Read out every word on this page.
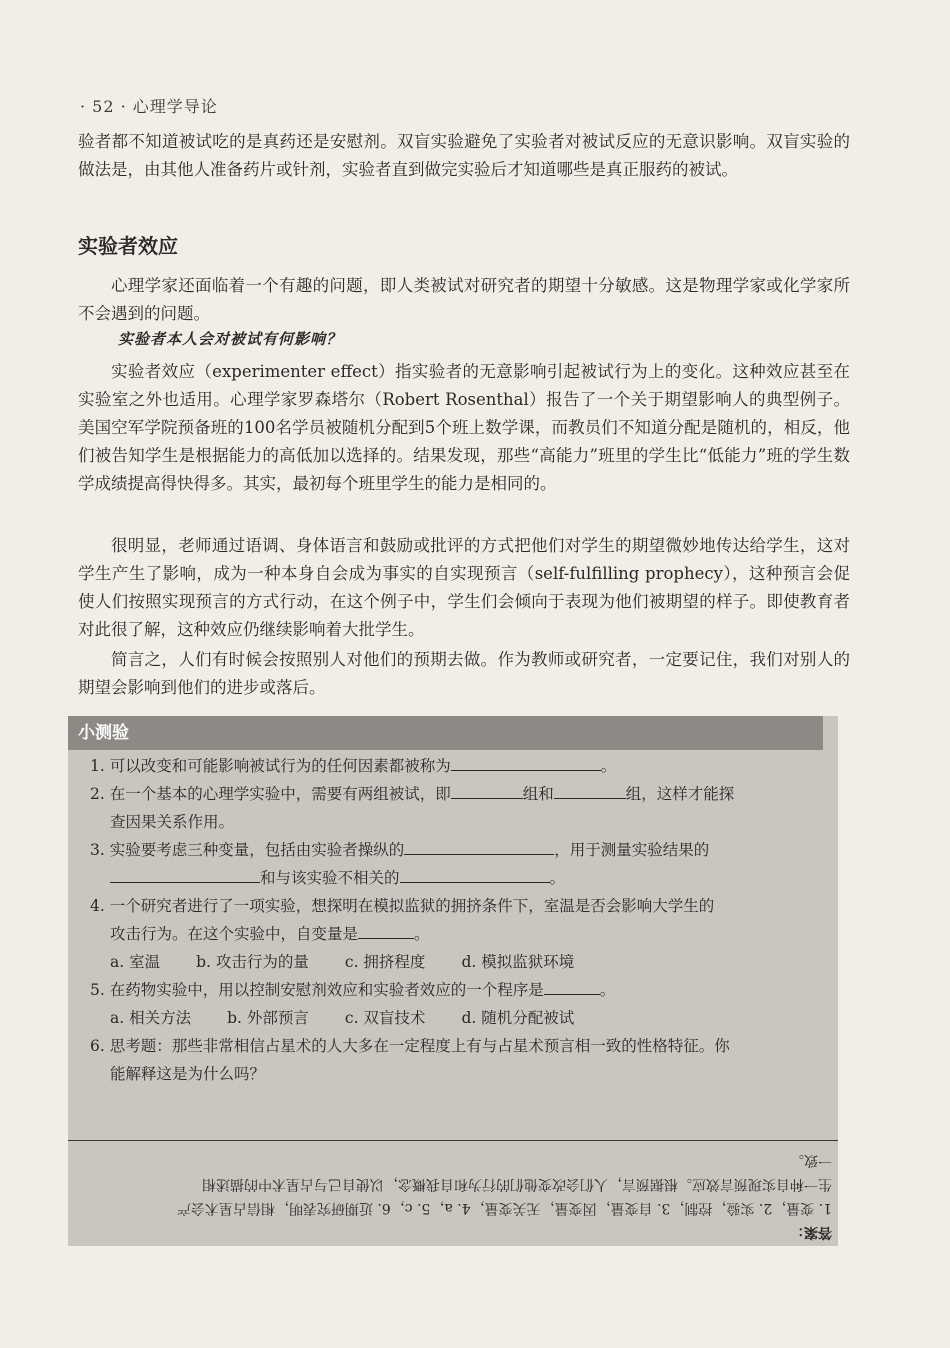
· 52 · 心理学导论

验者都不知道被试吃的是真药还是安慰剂。双盲实验避免了实验者对被试反应的无意识影响。双盲实验的做法是，由其他人准备药片或针剂，实验者直到做完实验后才知道哪些是真正服药的被试。

实验者效应

心理学家还面临着一个有趣的问题，即人类被试对研究者的期望十分敏感。这是物理学家或化学家所不会遇到的问题。

实验者本人会对被试有何影响？

实验者效应（experimenter effect）指实验者的无意影响引起被试行为上的变化。这种效应甚至在实验室之外也适用。心理学家罗森塔尔（Robert Rosenthal）报告了一个关于期望影响人的典型例子。美国空军学院预备班的100名学员被随机分配到5个班上数学课，而教员们不知道分配是随机的，相反，他们被告知学生是根据能力的高低加以选择的。结果发现，那些“高能力”班里的学生比“低能力”班的学生数学成绩提高得快得多。其实，最初每个班里学生的能力是相同的。

很明显，老师通过语调、身体语言和鼓励或批评的方式把他们对学生的期望微妙地传达给学生，这对学生产生了影响，成为一种本身自会成为事实的自实现预言（self-fulfilling prophecy），这种预言会促使人们按照实现预言的方式行动，在这个例子中，学生们会倾向于表现为他们被期望的样子。即使教育者对此很了解，这种效应仍继续影响着大批学生。

简言之，人们有时候会按照别人对他们的预期去做。作为教师或研究者，一定要记住，我们对别人的期望会影响到他们的进步或落后。

小测验

1. 可以改变和可能影响被试行为的任何因素都被称为	。

2. 在一个基本的心理学实验中，需要有两组被试，即	组和	组，这样才能探

查因果关系作用。

3. 实验要考虑三种变量，包括由实验者操纵的	，用于测量实验结果的

和与该实验不相关的	。

4. 一个研究者进行了一项实验，想探明在模拟监狱的拥挤条件下，室温是否会影响大学生的

攻击行为。在这个实验中，自变量是	。

a. 室温 b. 攻击行为的量 c. 拥挤程度 d. 模拟监狱环境

5. 在药物实验中，用以控制安慰剂效应和实验者效应的一个程序是	。

a. 相关方法 b. 外部预言 c. 双盲技术 d. 随机分配被试

6. 思考题：那些非常相信占星术的人大多在一定程度上有与占星术预言相一致的性格特征。你

能解释这是为什么吗？

答案：
1. 变量，2. 实验，控制，3. 自变量，因变量，无关变量，4. a，5. c，6. 近期研究表明，相信占星术会产
生一种自实现预言效应。根据预言，人们会改变他们的行为和自我概念，以使自己与占星术中的描述相
一致。
